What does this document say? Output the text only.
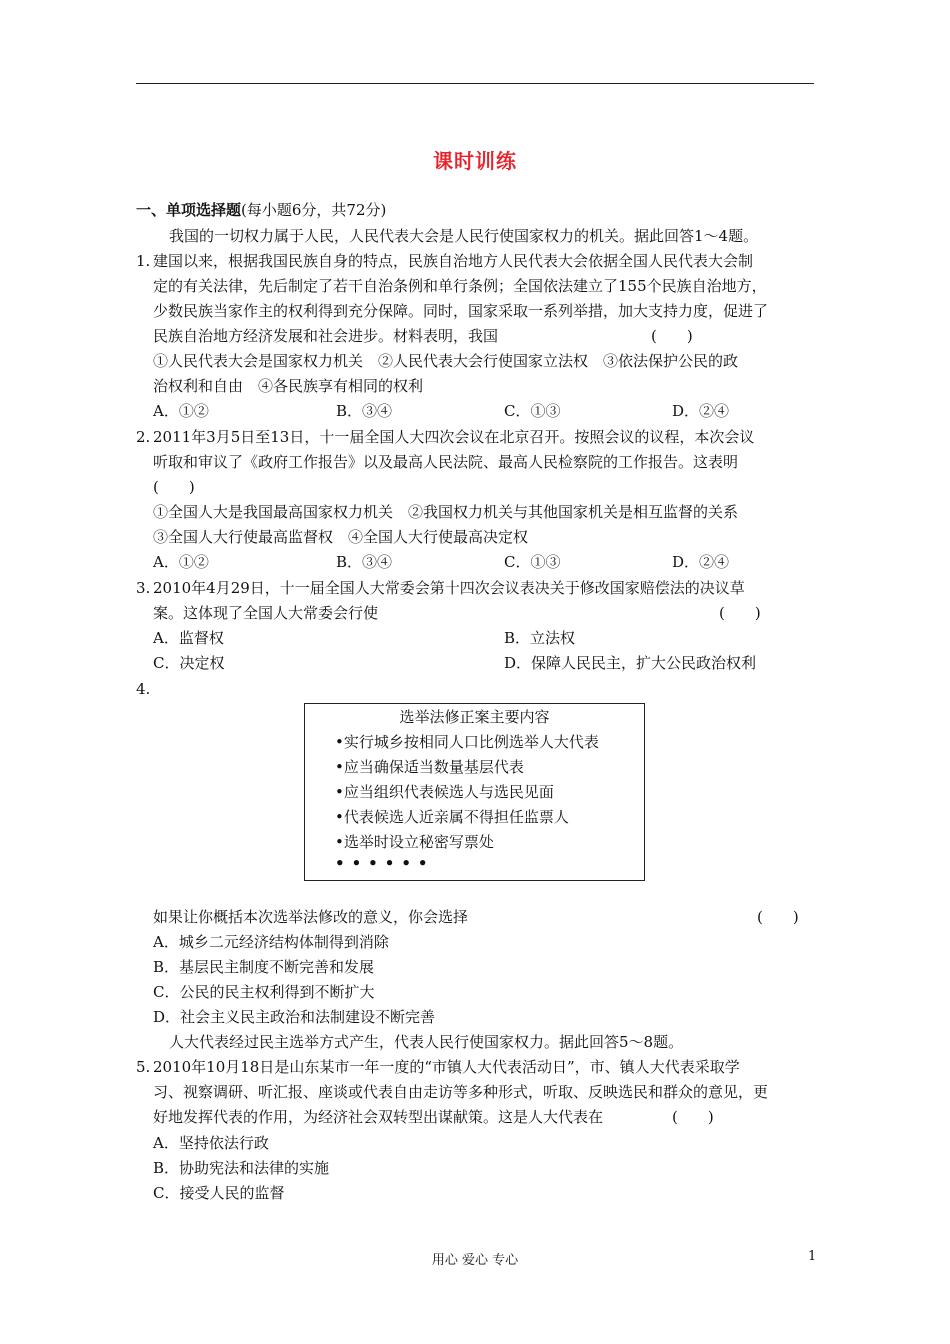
课时训练
一、单项选择题(每小题6分，共72分)
我国的一切权力属于人民，人民代表大会是人民行使国家权力的机关。据此回答1～4题。
1. 建国以来，根据我国民族自身的特点，民族自治地方人民代表大会依据全国人民代表大会制
定的有关法律，先后制定了若干自治条例和单行条例；全国依法建立了155个民族自治地方，
少数民族当家作主的权利得到充分保障。同时，国家采取一系列举措，加大支持力度，促进了
民族自治地方经济发展和社会进步。材料表明，我国	(　　)
①人民代表大会是国家权力机关　②人民代表大会行使国家立法权　③依法保护公民的政
治权利和自由　④各民族享有相同的权利
A．①②	B．③④	C．①③	D．②④
2. 2011年3月5日至13日，十一届全国人大四次会议在北京召开。按照会议的议程，本次会议
听取和审议了《政府工作报告》以及最高人民法院、最高人民检察院的工作报告。这表明
(　　)
①全国人大是我国最高国家权力机关　②我国权力机关与其他国家机关是相互监督的关系
③全国人大行使最高监督权　④全国人大行使最高决定权
A．①②	B．③④	C．①③	D．②④
3. 2010年4月29日，十一届全国人大常委会第十四次会议表决关于修改国家赔偿法的决议草
案。这体现了全国人大常委会行使	(　　)
A．监督权	B．立法权
C．决定权	D．保障人民民主，扩大公民政治权利
4.
选举法修正案主要内容
•实行城乡按相同人口比例选举人大代表
•应当确保适当数量基层代表
•应当组织代表候选人与选民见面
•代表候选人近亲属不得担任监票人
•选举时设立秘密写票处
••••••
如果让你概括本次选举法修改的意义，你会选择	(　　)
A．城乡二元经济结构体制得到消除
B．基层民主制度不断完善和发展
C．公民的民主权利得到不断扩大
D．社会主义民主政治和法制建设不断完善
人大代表经过民主选举方式产生，代表人民行使国家权力。据此回答5～8题。
5. 2010年10月18日是山东某市一年一度的“市镇人大代表活动日”，市、镇人大代表采取学
习、视察调研、听汇报、座谈或代表自由走访等多种形式，听取、反映选民和群众的意见，更
好地发挥代表的作用，为经济社会双转型出谋献策。这是人大代表在	(　　)
A．坚持依法行政
B．协助宪法和法律的实施
C．接受人民的监督
用心 爱心 专心	1
